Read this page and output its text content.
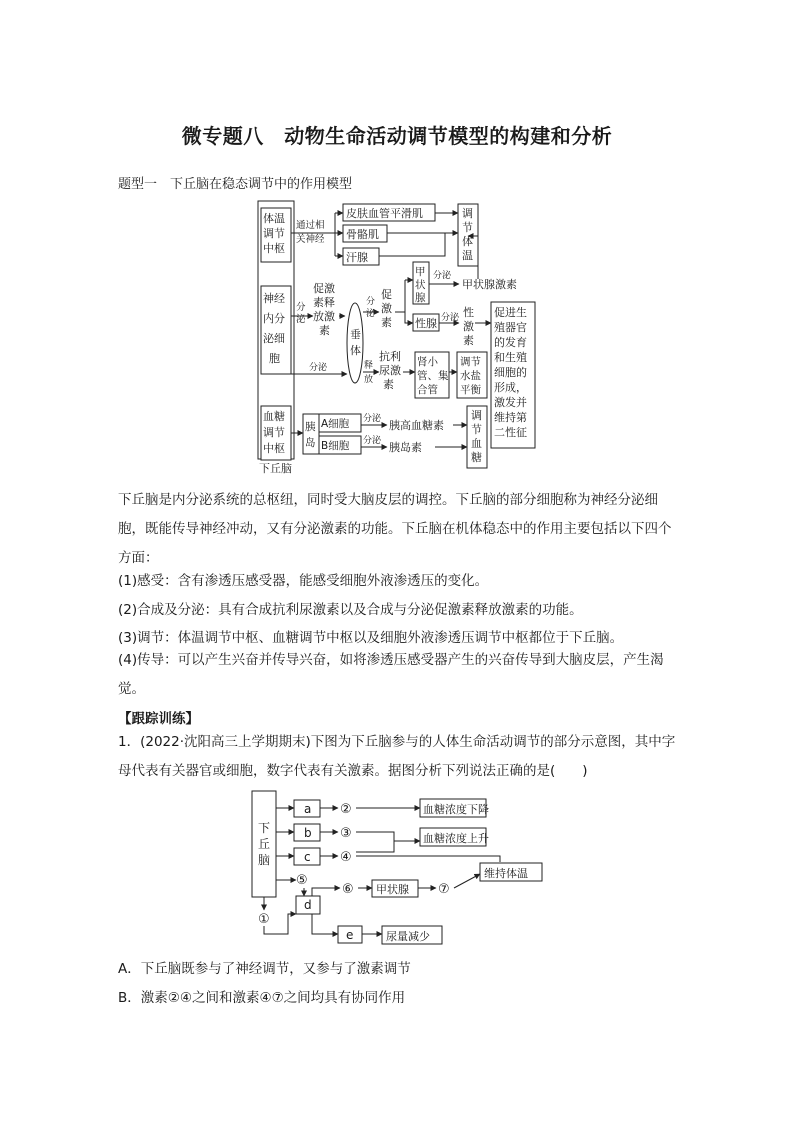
微专题八　动物生命活动调节模型的构建和分析
题型一　下丘脑在稳态调节中的作用模型
体温
调节
中枢
神经
内分
泌细
胞
血糖
调节
中枢
下丘脑
通过相
关神经
皮肤血管平滑肌
骨骼肌
汗腺
调
节
体
温
分
泌
促激
素释
放激
素 垂
体
分
泌
促
激
素
甲
状
腺
分泌
甲状腺激素
性腺 分泌 性
激
素
促进生
殖器官
的发育
和生殖
细胞的
形成，
激发并
维持第
二性征
分泌	释
放
抗利
尿激
素
肾小
管、集
合管
调节
水盐
平衡
胰
岛
A细胞
B细胞
分泌
分泌
胰高血糖素
胰岛素
调
节
血
糖
下丘脑是内分泌系统的总枢纽，同时受大脑皮层的调控。下丘脑的部分细胞称为神经分泌细胞，既能传导神经冲动，又有分泌激素的功能。下丘脑在机体稳态中的作用主要包括以下四个方面：
(1)感受：含有渗透压感受器，能感受细胞外液渗透压的变化。
(2)合成及分泌：具有合成抗利尿激素以及合成与分泌促激素释放激素的功能。
(3)调节：体温调节中枢、血糖调节中枢以及细胞外液渗透压调节中枢都位于下丘脑。
(4)传导：可以产生兴奋并传导兴奋，如将渗透压感受器产生的兴奋传导到大脑皮层，产生渴觉。
【跟踪训练】
1．(2022·沈阳高三上学期期末)下图为下丘脑参与的人体生命活动调节的部分示意图，其中字母代表有关器官或细胞，数字代表有关激素。据图分析下列说法正确的是(　　)
下
丘
脑
a
b
c
②
③
④
⑤
血糖浓度下降
血糖浓度上升
维持体温
d
⑥ 甲状腺 ⑦
①
e	尿量减少
A．下丘脑既参与了神经调节，又参与了激素调节
B．激素②④之间和激素④⑦之间均具有协同作用
